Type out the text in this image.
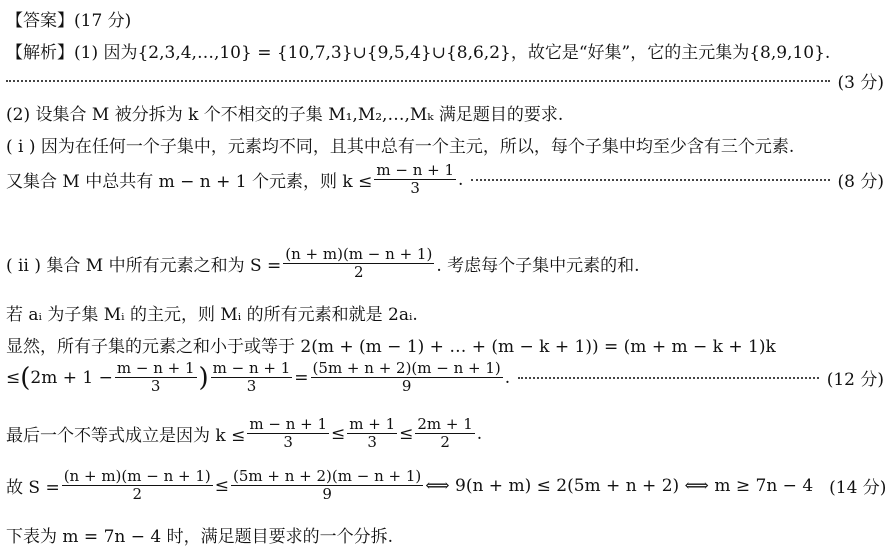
【答案】(17 分)
【解析】(1) 因为{2,3,4,…,10} = {10,7,3}∪{9,5,4}∪{8,6,2}，故它是“好集”，它的主元集为{8,9,10}.
(3 分)
(2) 设集合 M 被分拆为 k 个不相交的子集 M₁,M₂,…,Mₖ 满足题目的要求.
( ⅰ ) 因为在任何一个子集中，元素均不同，且其中总有一个主元，所以，每个子集中均至少含有三个元素.
又集合 M 中总共有 m − n + 1 个元素，则 $k \le \frac{m - n + 1}{3}$ .	(8 分)
( ⅱ ) 集合 M 中所有元素之和为 $S = \frac{(n + m)(m - n + 1)}{2}$ . 考虑每个子集中元素的和.
若 aᵢ 为子集 Mᵢ 的主元，则 Mᵢ 的所有元素和就是 2aᵢ.
显然，所有子集的元素之和小于或等于 2(m + (m − 1) + … + (m − k + 1)) = (m + m − k + 1)k
≤ ( $2m + 1 - \frac{m - n + 1}{3}$ ) $\frac{m - n + 1}{3} = \frac{(5m + n + 2)(m - n + 1)}{9}$ .	(12 分)
最后一个不等式成立是因为 $k \le \frac{m - n + 1}{3} \le \frac{m + 1}{3} \le \frac{2m + 1}{2}$ .
故 $S = \frac{(n + m)(m - n + 1)}{2} \le \frac{(5m + n + 2)(m - n + 1)}{9}$ ⟺ 9(n + m) ≤ 2(5m + n + 2) ⟺ m ≥ 7n − 4 (14 分)
下表为 m = 7n − 4 时，满足题目要求的一个分拆.
